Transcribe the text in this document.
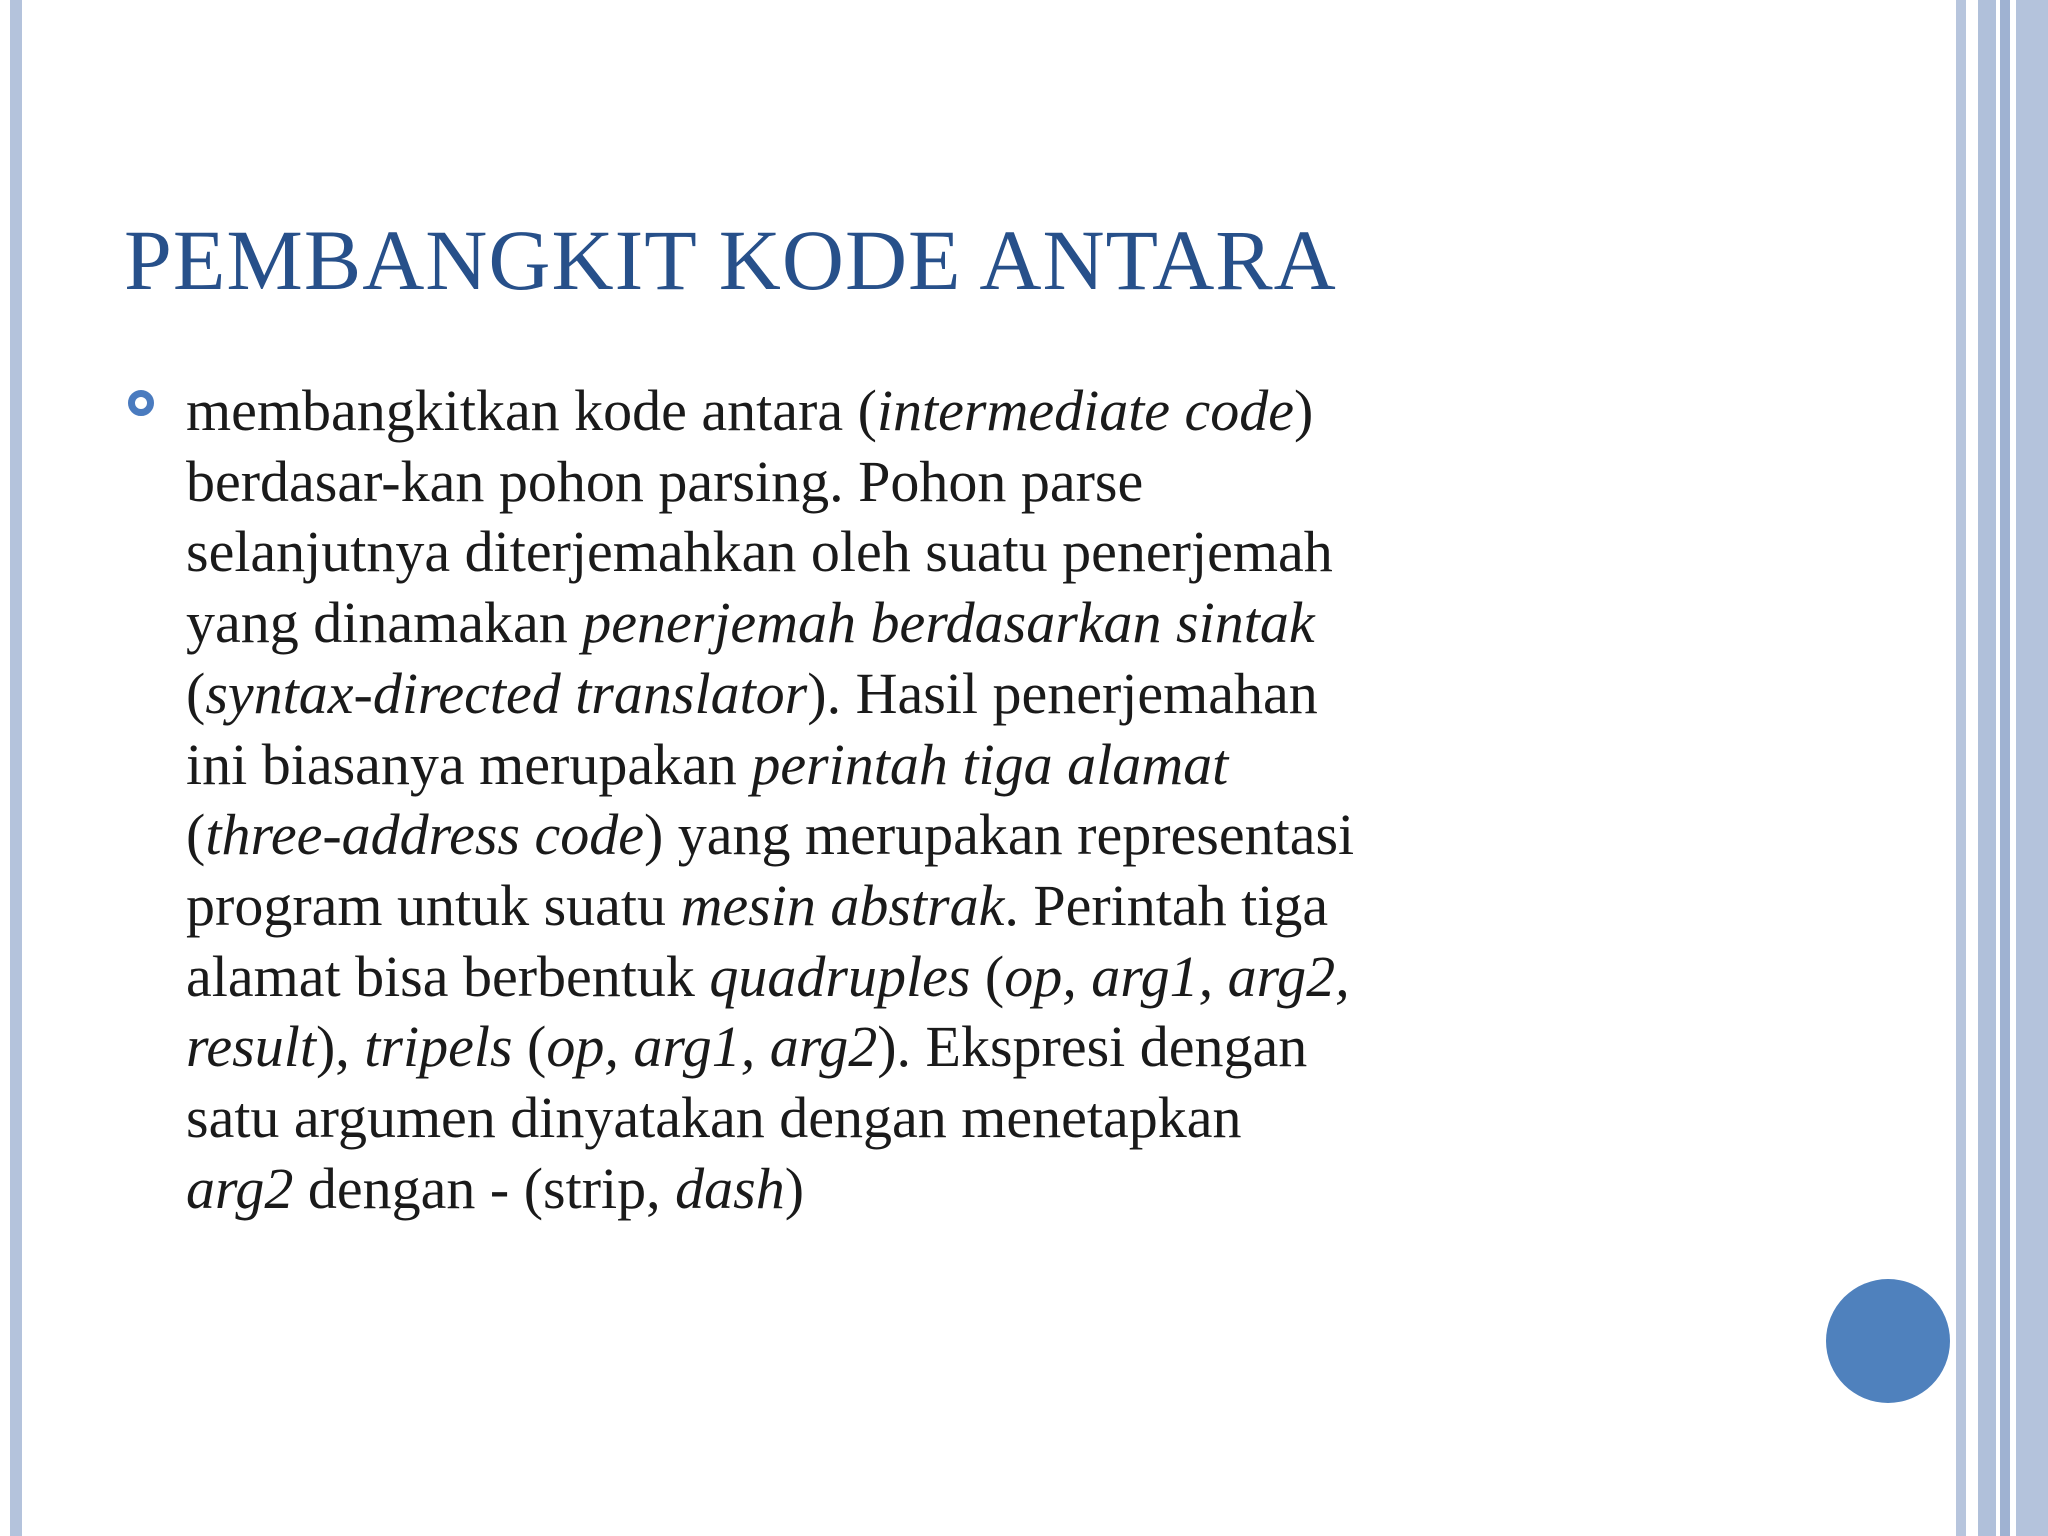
PEMBANGKIT KODE ANTARA

membangkitkan kode antara (intermediate code)
berdasar-kan pohon parsing. Pohon parse
selanjutnya diterjemahkan oleh suatu penerjemah
yang dinamakan penerjemah berdasarkan sintak
(syntax-directed translator). Hasil penerjemahan
ini biasanya merupakan perintah tiga alamat
(three-address code) yang merupakan representasi
program untuk suatu mesin abstrak. Perintah tiga
alamat bisa berbentuk quadruples (op, arg1, arg2,
result), tripels (op, arg1, arg2). Ekspresi dengan
satu argumen dinyatakan dengan menetapkan
arg2 dengan - (strip, dash)
